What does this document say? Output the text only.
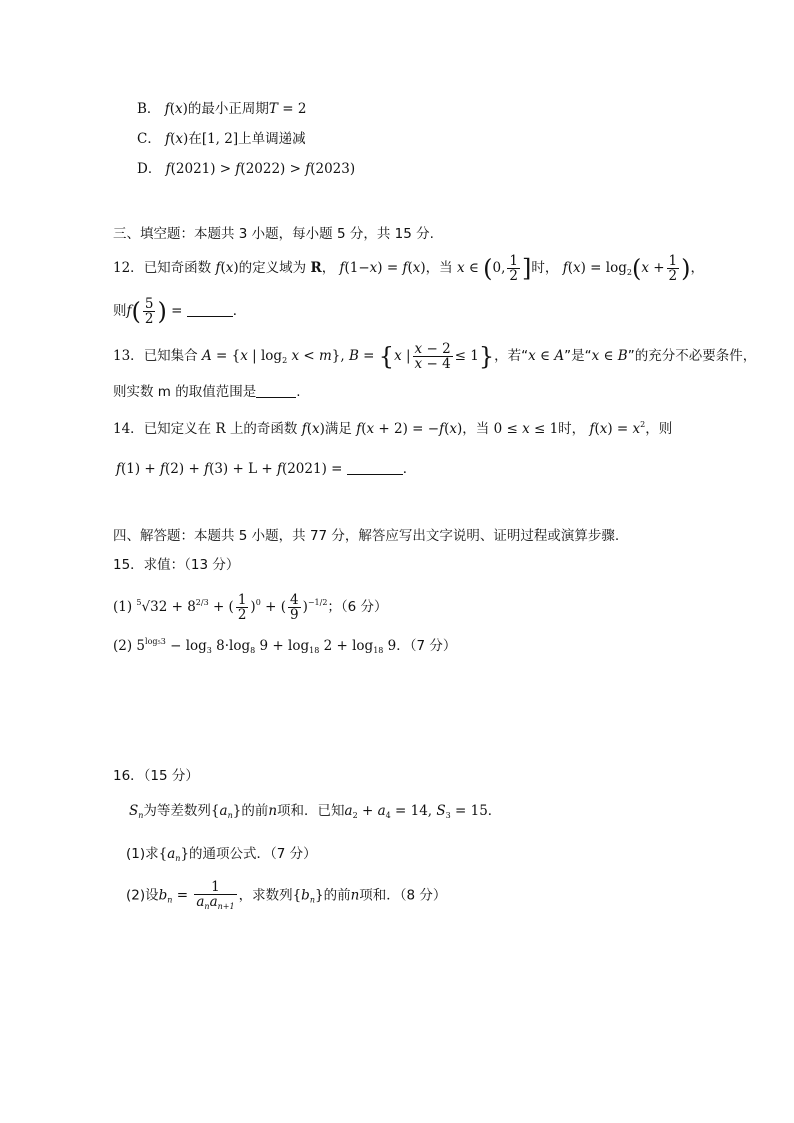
B． f(x)的最小正周期T = 2
C． f(x)在[1, 2]上单调递减
D． f(2021) > f(2022) > f(2023)
三、填空题：本题共 3 小题，每小题 5 分，共 15 分.
12．已知奇函数 f(x)的定义域为 R， f(1−x) = f(x)，当 x ∈ (0, $\frac{1}{2}$ ]时， $f(x) = \log_2(x + \frac{1}{2}$ )，
则$f( \frac{5}{2}$ ) =	．
13．已知集合 A = {x | $\log_2 x < m$}, B = {x | $\frac{x - 2}{x - 4} \le 1$}，若“x ∈ A”是“x ∈ B”的充分不必要条件，
则实数 m 的取值范围是	.
14．已知定义在 R 上的奇函数 f(x)满足 f(x + 2) = −f(x)，当 0 ≤ x ≤ 1时， $f(x) = x^2$，则
f(1) + f(2) + f(3) + L + f(2021) =	．
四、解答题：本题共 5 小题，共 77 分，解答应写出文字说明、证明过程或演算步骤.
15．求值：（13 分）
(1) $^5√32 + 8^{2/3}$ + ( $\frac{1}{2} )^0$ + ( $\frac{4}{9} )^{-1/2}$；（6 分）
(2) $5^{log_53} - \log_3 8\cdot\log_8$ $9 + \log_{18} 2 + \log_{18} 9$．（7 分）
16．（15 分）
$S_n$为等差数列$\{a_n\}$的前n项和．已知$a_2 + a_4 = 14$, $S_3 = 15$．
(1)求$\{a_n\}$的通项公式．（7 分）
(2)设$b_n = \frac{1}{a_na_{n+1}}$ ，求数列$\{b_n\}$的前n项和．（8 分）
